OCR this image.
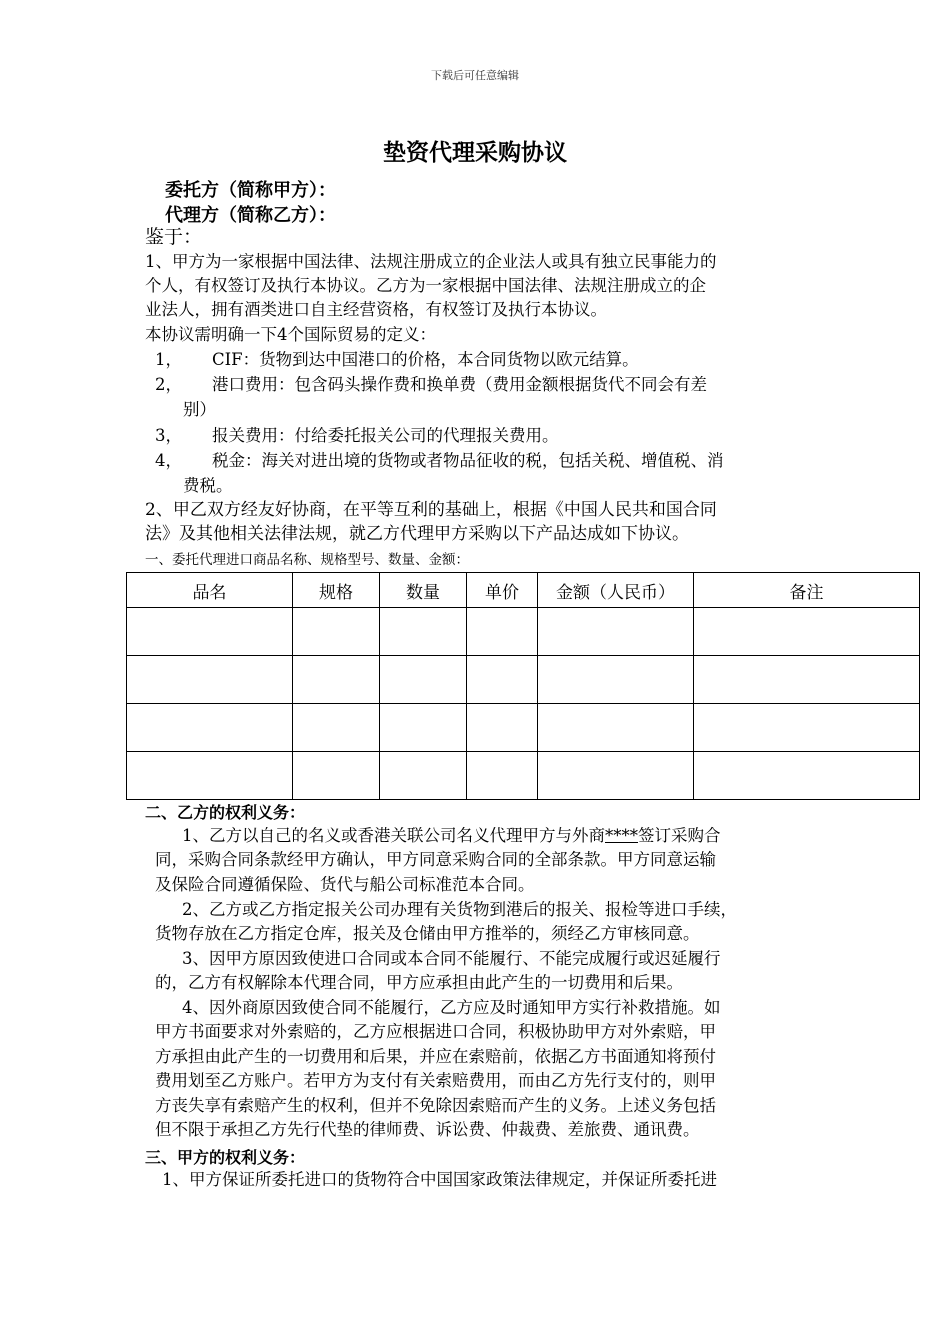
下载后可任意编辑
垫资代理采购协议
委托方（简称甲方）：
代理方（简称乙方）：
鉴于：
1、甲方为一家根据中国法律、法规注册成立的企业法人或具有独立民事能力的
个人，有权签订及执行本协议。乙方为一家根据中国法律、法规注册成立的企
业法人，拥有酒类进口自主经营资格，有权签订及执行本协议。
本协议需明确一下4个国际贸易的定义：
1， CIF：货物到达中国港口的价格，本合同货物以欧元结算。
2， 港口费用：包含码头操作费和换单费（费用金额根据货代不同会有差
别）
3， 报关费用：付给委托报关公司的代理报关费用。
4， 税金：海关对进出境的货物或者物品征收的税，包括关税、增值税、消
费税。
2、甲乙双方经友好协商，在平等互利的基础上，根据《中国人民共和国合同
法》及其他相关法律法规，就乙方代理甲方采购以下产品达成如下协议。
一、委托代理进口商品名称、规格型号、数量、金额：
品名	规格	数量	单价	金额（人民币）	备注

二、乙方的权利义务：
1、乙方以自己的名义或香港关联公司名义代理甲方与外商****签订采购合
同，采购合同条款经甲方确认，甲方同意采购合同的全部条款。甲方同意运输
及保险合同遵循保险、货代与船公司标准范本合同。
2、乙方或乙方指定报关公司办理有关货物到港后的报关、报检等进口手续，
货物存放在乙方指定仓库，报关及仓储由甲方推举的，须经乙方审核同意。
3、因甲方原因致使进口合同或本合同不能履行、不能完成履行或迟延履行
的，乙方有权解除本代理合同，甲方应承担由此产生的一切费用和后果。
4、因外商原因致使合同不能履行，乙方应及时通知甲方实行补救措施。如
甲方书面要求对外索赔的，乙方应根据进口合同，积极协助甲方对外索赔，甲
方承担由此产生的一切费用和后果，并应在索赔前，依据乙方书面通知将预付
费用划至乙方账户。若甲方为支付有关索赔费用，而由乙方先行支付的，则甲
方丧失享有索赔产生的权利，但并不免除因索赔而产生的义务。上述义务包括
但不限于承担乙方先行代垫的律师费、诉讼费、仲裁费、差旅费、通讯费。
三、甲方的权利义务：
1、甲方保证所委托进口的货物符合中国国家政策法律规定，并保证所委托进
